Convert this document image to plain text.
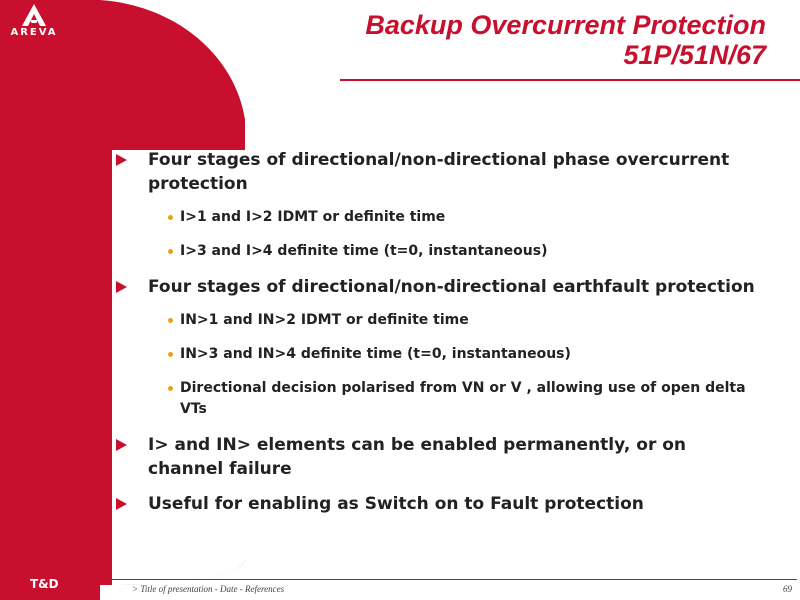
AREVA	Backup Overcurrent Protection
51P/51N/67
Four stages of directional/non-directional phase overcurrent protection
I>1 and I>2 IDMT or definite time
I>3 and I>4 definite time (t=0, instantaneous)
Four stages of directional/non-directional earthfault protection
IN>1 and IN>2 IDMT or definite time
IN>3 and IN>4 definite time (t=0, instantaneous)
Directional decision polarised from VN or V , allowing use of open delta VTs
I> and IN> elements can be enabled permanently, or on channel failure
Useful for enabling as Switch on to Fault protection
T&D	> Title of presentation - Date - References	69
